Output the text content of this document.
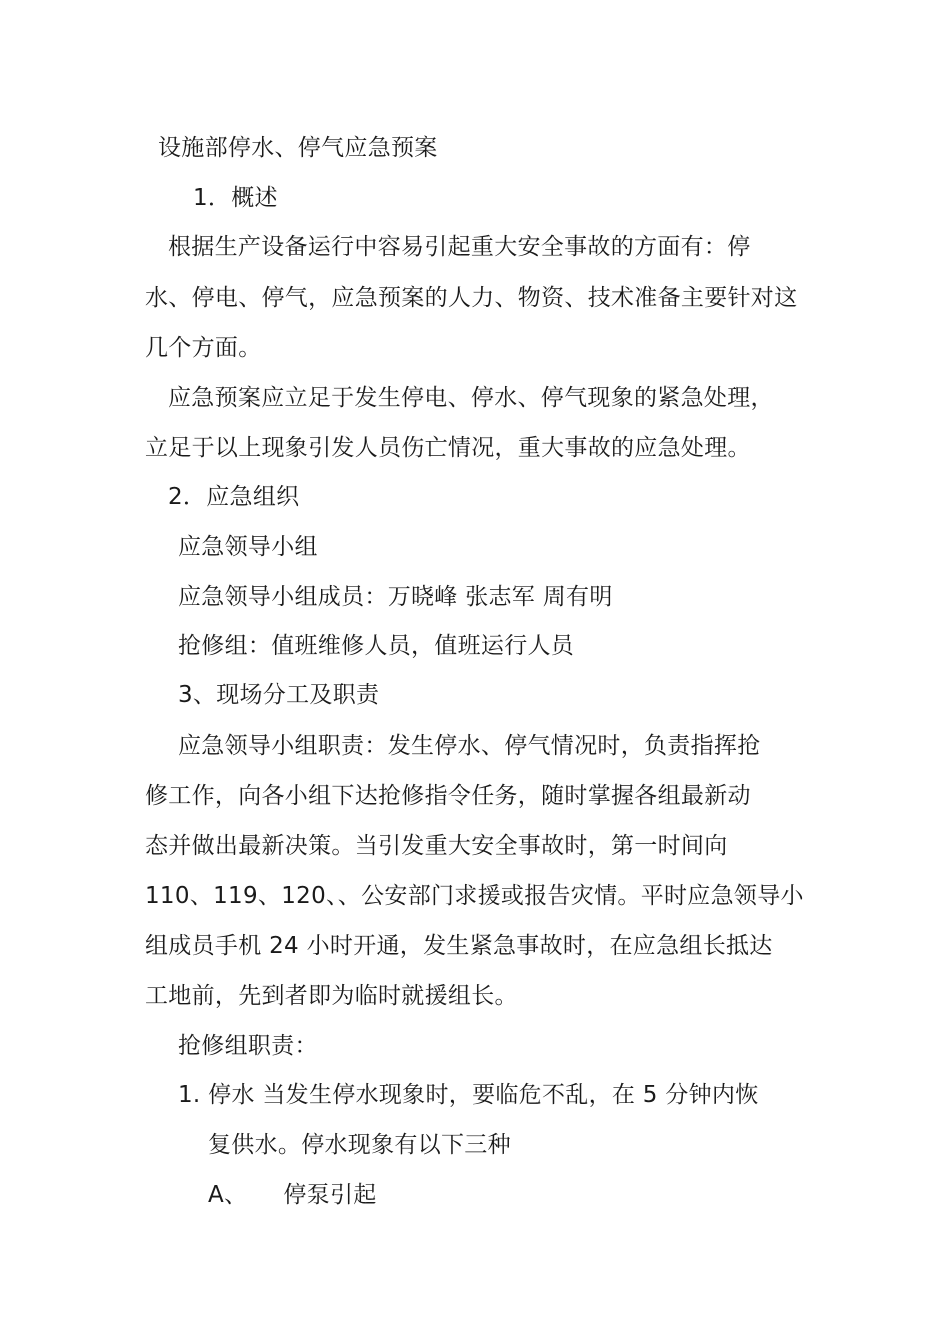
设施部停水、停气应急预案
1．概述
根据生产设备运行中容易引起重大安全事故的方面有：停
水、停电、停气，应急预案的人力、物资、技术准备主要针对这
几个方面。
应急预案应立足于发生停电、停水、停气现象的紧急处理，
立足于以上现象引发人员伤亡情况，重大事故的应急处理。
2．应急组织
应急领导小组
应急领导小组成员：万晓峰 张志军 周有明
抢修组：值班维修人员，值班运行人员
3、现场分工及职责
应急领导小组职责：发生停水、停气情况时，负责指挥抢
修工作，向各小组下达抢修指令任务，随时掌握各组最新动
态并做出最新决策。当引发重大安全事故时，第一时间向
110、119、120、、公安部门求援或报告灾情。平时应急领导小
组成员手机 24 小时开通，发生紧急事故时，在应急组长抵达
工地前，先到者即为临时就援组长。
抢修组职责：
1. 停水 当发生停水现象时，要临危不乱，在 5 分钟内恢
复供水。停水现象有以下三种
A、 停泵引起
